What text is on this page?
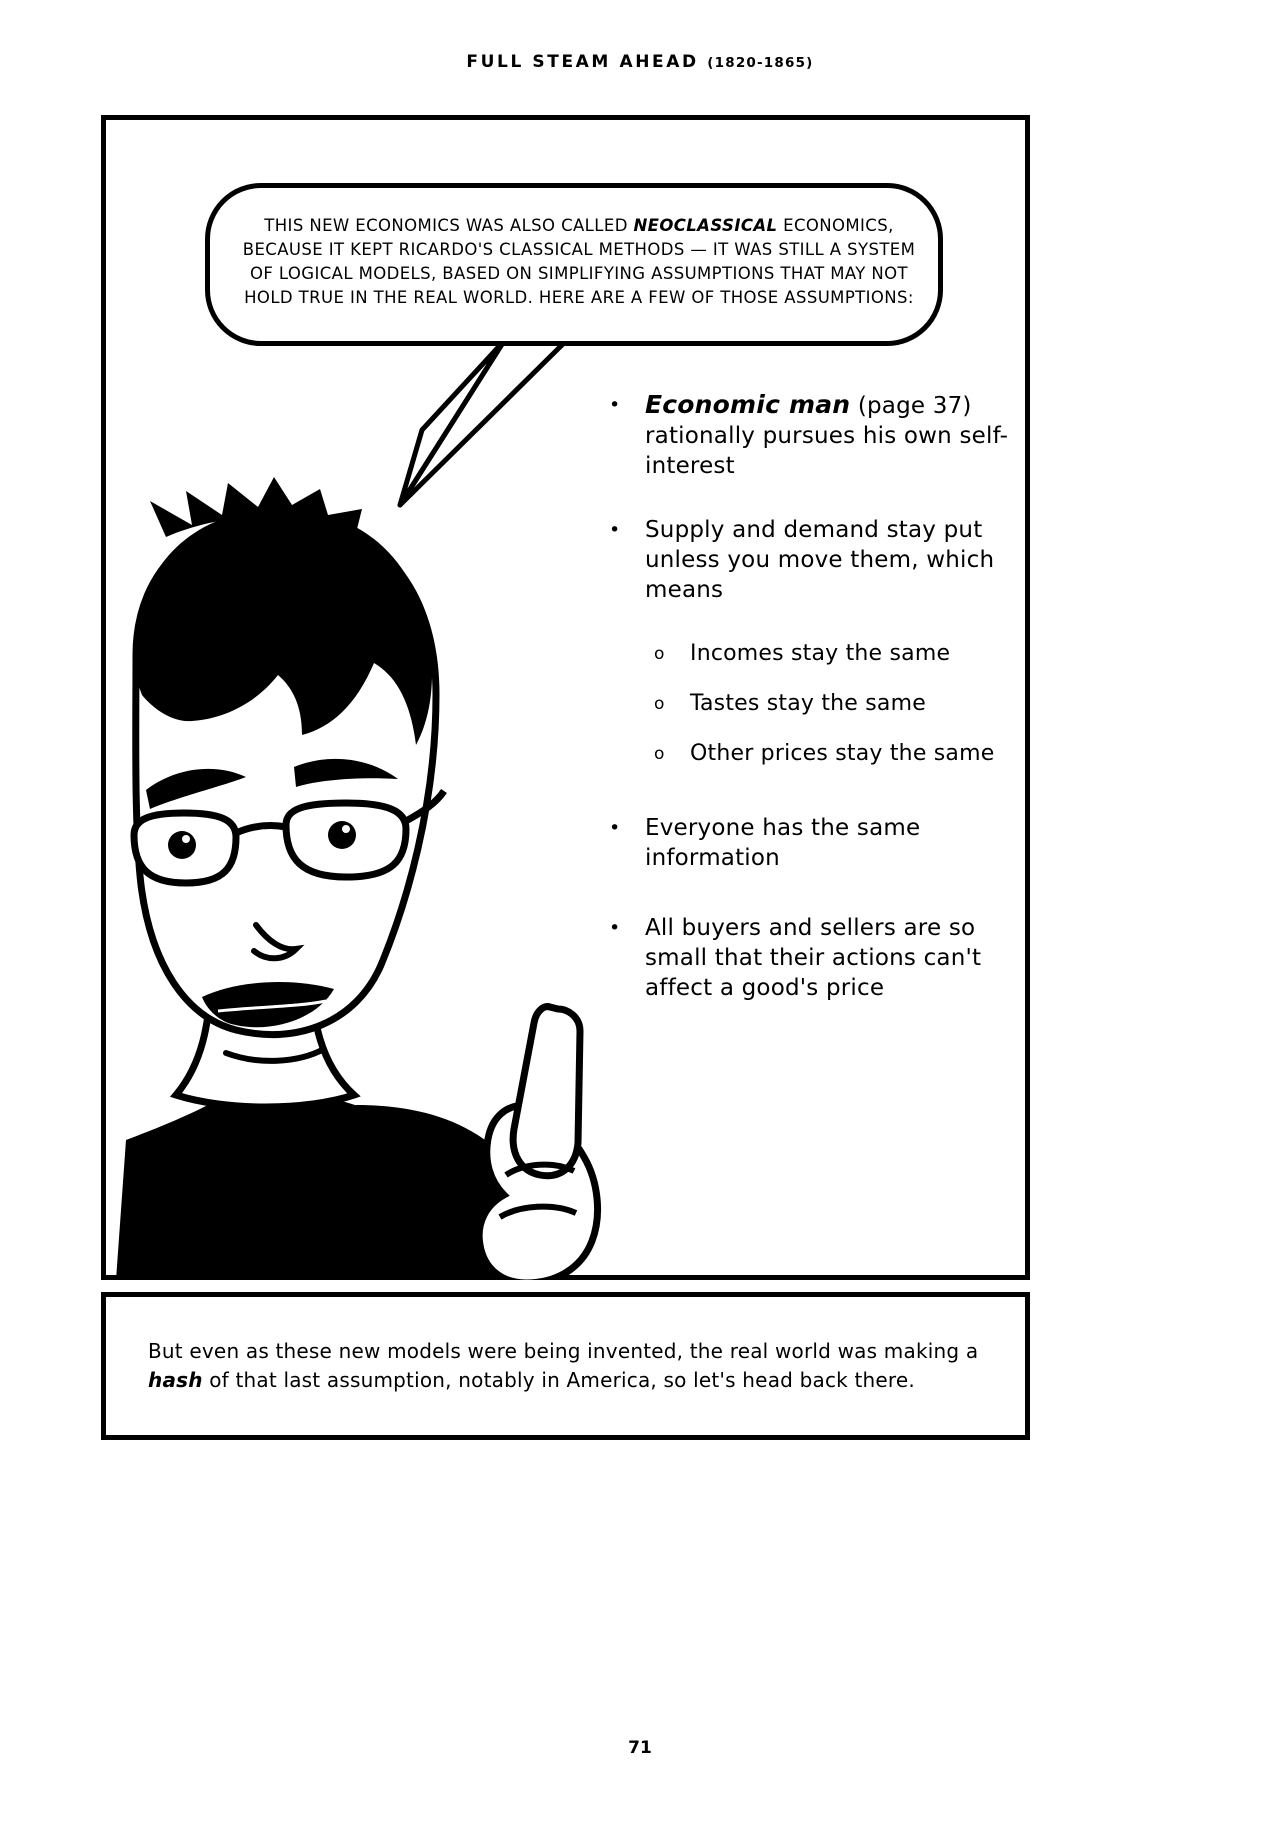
FULL STEAM AHEAD (1820-1865)
THIS NEW ECONOMICS WAS ALSO CALLED NEOCLASSICAL ECONOMICS,
BECAUSE IT KEPT RICARDO'S CLASSICAL METHODS — IT WAS STILL A SYSTEM
OF LOGICAL MODELS, BASED ON SIMPLIFYING ASSUMPTIONS THAT MAY NOT
HOLD TRUE IN THE REAL WORLD. HERE ARE A FEW OF THOSE ASSUMPTIONS:
• Economic man (page 37) rationally pursues his own self-interest
•	Supply and demand stay put unless you move them, which means
o	Incomes stay the same
o	Tastes stay the same
o	Other prices stay the same
•	Everyone has the same information
•	All buyers and sellers are so small that their actions can't affect a good's price
But even as these new models were being invented, the real world was making a hash of that last assumption, notably in America, so let's head back there.
71
